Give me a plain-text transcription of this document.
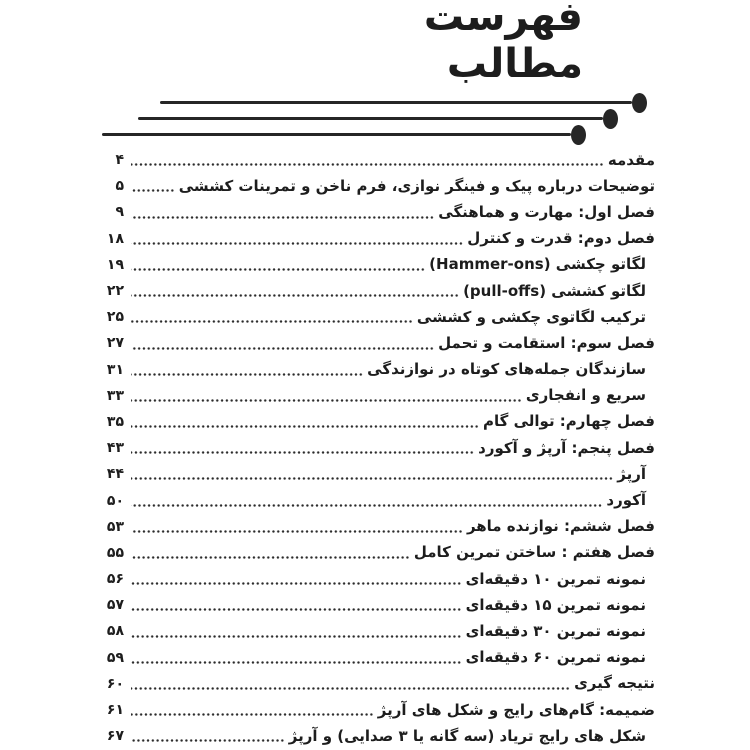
فهرست
مطالب
مقدمه
۴
توضیحات درباره پیک و فینگر نوازی، فرم ناخن و تمرینات کششی
۵
فصل اول: مهارت و هماهنگی
۹
فصل دوم: قدرت و کنترل
۱۸
لگاتو چکشی (Hammer-ons)
۱۹
لگاتو کششی (pull-offs)
۲۲
ترکیب لگاتوی چکشی و کششی
۲۵
فصل سوم: استقامت و تحمل
۲۷
سازندگان جمله‌های کوتاه در نوازندگی
۳۱
سریع و انفجاری
۳۳
فصل چهارم: توالی گام
۳۵
فصل پنجم: آرپژ و آکورد
۴۳
آرپژ
۴۴
آکورد
۵۰
فصل ششم: نوازنده ماهر
۵۳
فصل هفتم : ساختن تمرین کامل
۵۵
نمونه تمرین ۱۰ دقیقه‌ای
۵۶
نمونه تمرین ۱۵ دقیقه‌ای
۵۷
نمونه تمرین ۳۰ دقیقه‌ای
۵۸
نمونه تمرین ۶۰ دقیقه‌ای
۵۹
نتیجه گیری
۶۰
ضمیمه: گام‌های رایج و شکل های آرپژ
۶۱
شکل های رایج تریاد (سه گانه یا ۳ صدایی) و آرپژ
۶۷
